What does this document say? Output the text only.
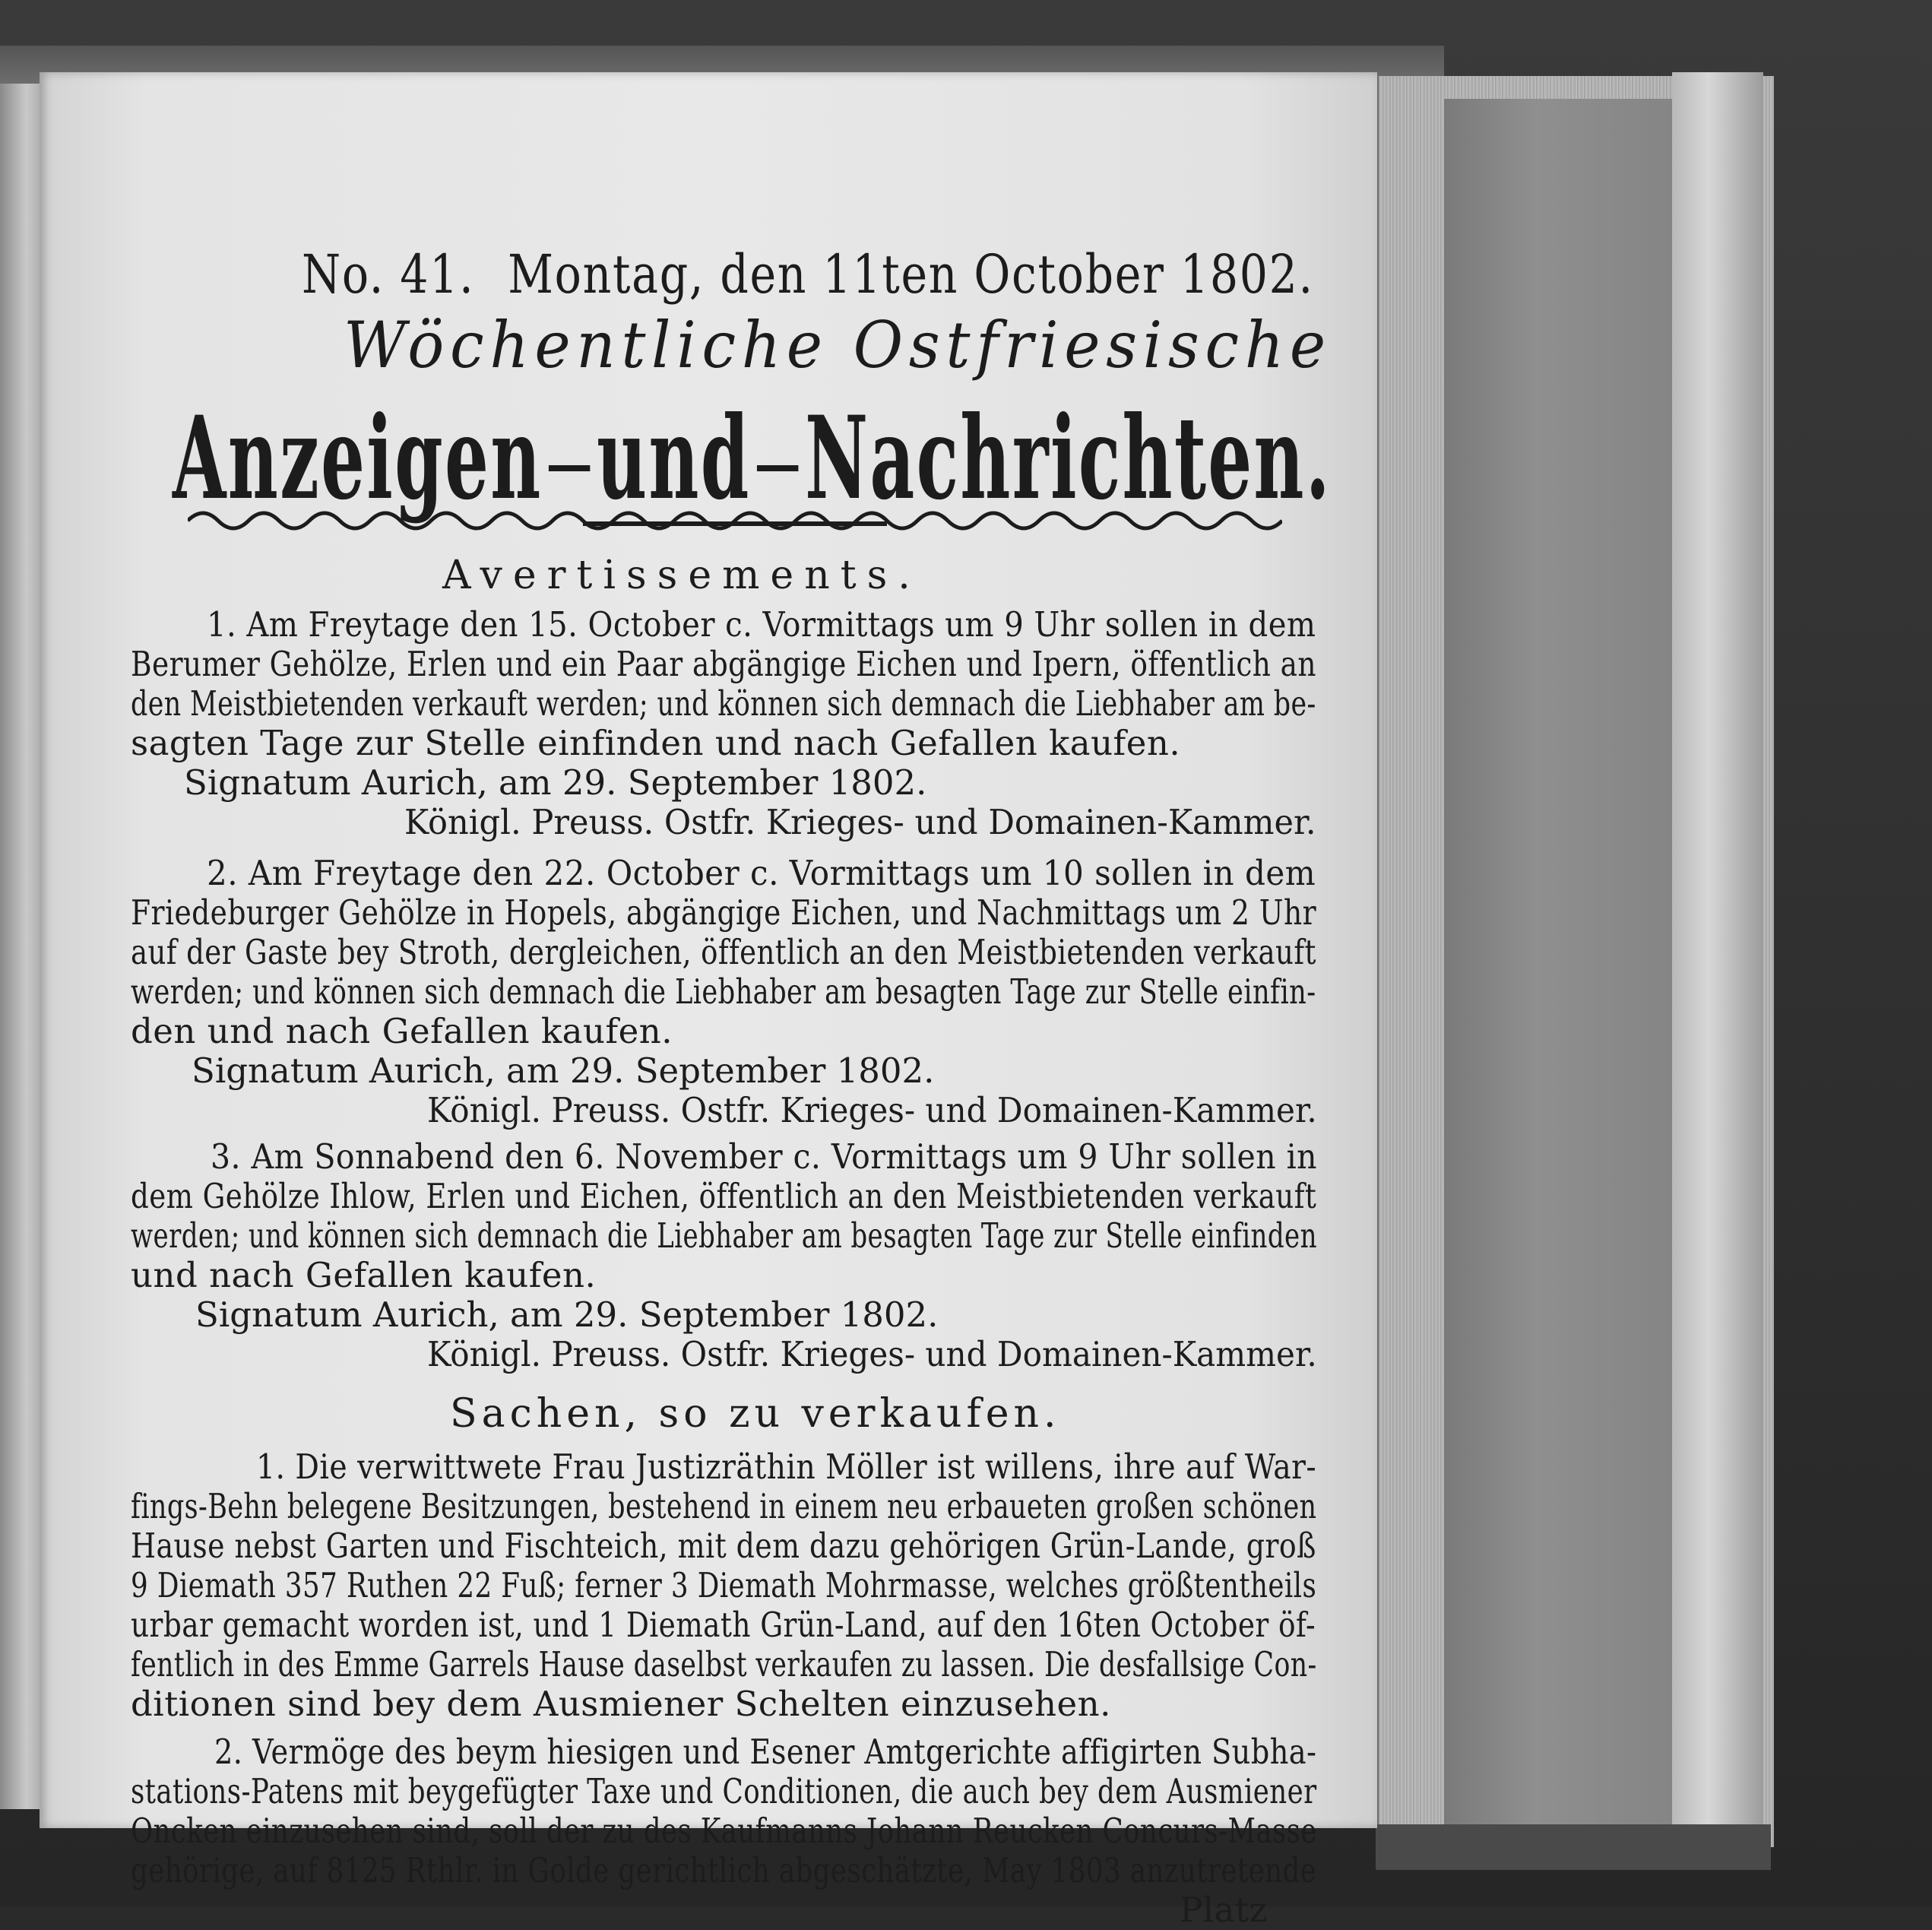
No. 41. Montag, den 11ten October 1802.
Wöchentliche Ostfriesische
Anzeigen und Nachrichten.
Avertissements.
1. Am Freytage den 15. October c. Vormittags um 9 Uhr sollen in dem
Berumer Gehölze, Erlen und ein Paar abgängige Eichen und Ipern, öffentlich an
den Meistbietenden verkauft werden; und können sich demnach die Liebhaber am be-
sagten Tage zur Stelle einfinden und nach Gefallen kaufen.
Signatum Aurich, am 29. September 1802.
Königl. Preuss. Ostfr. Krieges- und Domainen-Kammer.
2. Am Freytage den 22. October c. Vormittags um 10 sollen in dem
Friedeburger Gehölze in Hopels, abgängige Eichen, und Nachmittags um 2 Uhr
auf der Gaste bey Stroth, dergleichen, öffentlich an den Meistbietenden verkauft
werden; und können sich demnach die Liebhaber am besagten Tage zur Stelle einfin-
den und nach Gefallen kaufen.
Signatum Aurich, am 29. September 1802.
Königl. Preuss. Ostfr. Krieges- und Domainen-Kammer.
3. Am Sonnabend den 6. November c. Vormittags um 9 Uhr sollen in
dem Gehölze Ihlow, Erlen und Eichen, öffentlich an den Meistbietenden verkauft
werden; und können sich demnach die Liebhaber am besagten Tage zur Stelle einfinden
und nach Gefallen kaufen.
Signatum Aurich, am 29. September 1802.
Königl. Preuss. Ostfr. Krieges- und Domainen-Kammer.
Sachen, so zu verkaufen.
1. Die verwittwete Frau Justizräthin Möller ist willens, ihre auf War-
fings-Behn belegene Besitzungen, bestehend in einem neu erbaueten großen schönen
Hause nebst Garten und Fischteich, mit dem dazu gehörigen Grün-Lande, groß
9 Diemath 357 Ruthen 22 Fuß; ferner 3 Diemath Mohrmasse, welches größtentheils
urbar gemacht worden ist, und 1 Diemath Grün-Land, auf den 16ten October öf-
fentlich in des Emme Garrels Hause daselbst verkaufen zu lassen. Die desfallsige Con-
ditionen sind bey dem Ausmiener Schelten einzusehen.
2. Vermöge des beym hiesigen und Esener Amtgerichte affigirten Subha-
stations-Patens mit beygefügter Taxe und Conditionen, die auch bey dem Ausmiener
Oncken einzusehen sind, soll der zu des Kaufmanns Johann Reucken Concurs-Masse
gehörige, auf 8125 Rthlr. in Golde gerichtlich abgeschätzte, May 1803 anzutretende
Platz
